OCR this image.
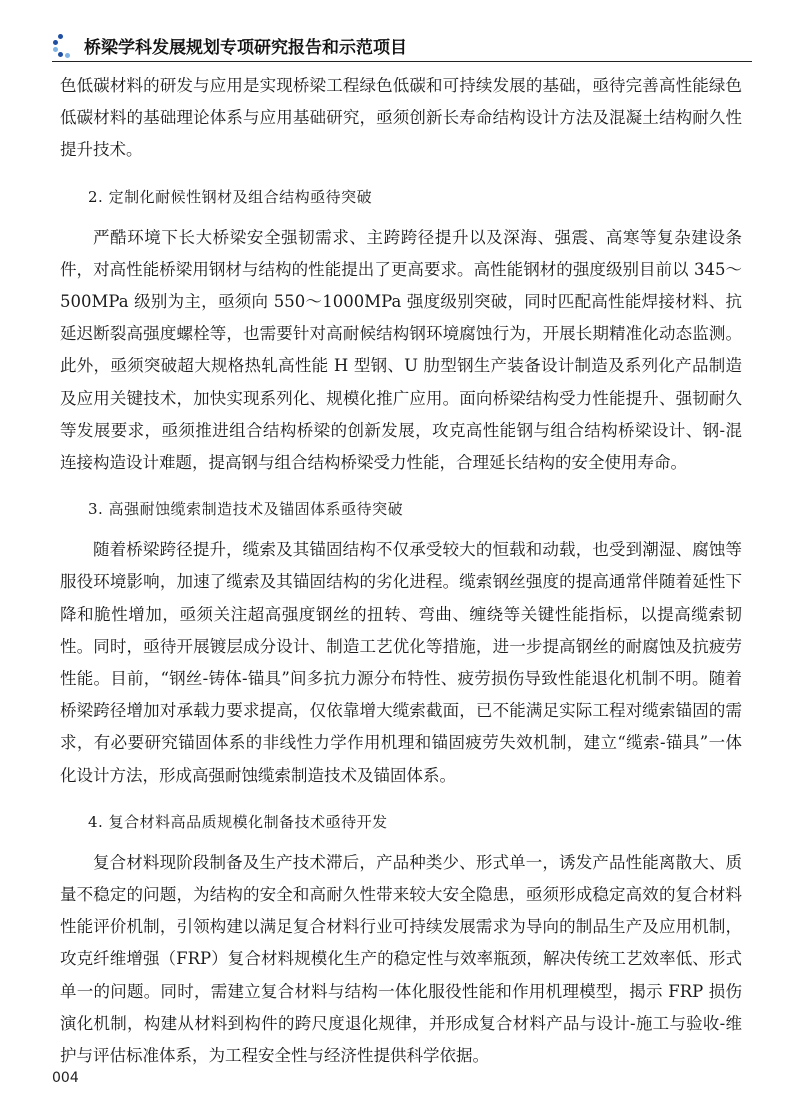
桥梁学科发展规划专项研究报告和示范项目

色低碳材料的研发与应用是实现桥梁工程绿色低碳和可持续发展的基础，亟待完善高性能绿色低碳材料的基础理论体系与应用基础研究，亟须创新长寿命结构设计方法及混凝土结构耐久性提升技术。

2. 定制化耐候性钢材及组合结构亟待突破

严酷环境下长大桥梁安全强韧需求、主跨跨径提升以及深海、强震、高寒等复杂建设条件，对高性能桥梁用钢材与结构的性能提出了更高要求。高性能钢材的强度级别目前以 345～500MPa 级别为主，亟须向 550～1000MPa 强度级别突破，同时匹配高性能焊接材料、抗延迟断裂高强度螺栓等，也需要针对高耐候结构钢环境腐蚀行为，开展长期精准化动态监测。此外，亟须突破超大规格热轧高性能 H 型钢、U 肋型钢生产装备设计制造及系列化产品制造及应用关键技术，加快实现系列化、规模化推广应用。面向桥梁结构受力性能提升、强韧耐久等发展要求，亟须推进组合结构桥梁的创新发展，攻克高性能钢与组合结构桥梁设计、钢-混连接构造设计难题，提高钢与组合结构桥梁受力性能，合理延长结构的安全使用寿命。

3. 高强耐蚀缆索制造技术及锚固体系亟待突破

随着桥梁跨径提升，缆索及其锚固结构不仅承受较大的恒载和动载，也受到潮湿、腐蚀等服役环境影响，加速了缆索及其锚固结构的劣化进程。缆索钢丝强度的提高通常伴随着延性下降和脆性增加，亟须关注超高强度钢丝的扭转、弯曲、缠绕等关键性能指标，以提高缆索韧性。同时，亟待开展镀层成分设计、制造工艺优化等措施，进一步提高钢丝的耐腐蚀及抗疲劳性能。目前，“钢丝-铸体-锚具”间多抗力源分布特性、疲劳损伤导致性能退化机制不明。随着桥梁跨径增加对承载力要求提高，仅依靠增大缆索截面，已不能满足实际工程对缆索锚固的需求，有必要研究锚固体系的非线性力学作用机理和锚固疲劳失效机制，建立“缆索-锚具”一体化设计方法，形成高强耐蚀缆索制造技术及锚固体系。

4. 复合材料高品质规模化制备技术亟待开发

复合材料现阶段制备及生产技术滞后，产品种类少、形式单一，诱发产品性能离散大、质量不稳定的问题，为结构的安全和高耐久性带来较大安全隐患，亟须形成稳定高效的复合材料性能评价机制，引领构建以满足复合材料行业可持续发展需求为导向的制品生产及应用机制，攻克纤维增强（FRP）复合材料规模化生产的稳定性与效率瓶颈，解决传统工艺效率低、形式单一的问题。同时，需建立复合材料与结构一体化服役性能和作用机理模型，揭示 FRP 损伤演化机制，构建从材料到构件的跨尺度退化规律，并形成复合材料产品与设计-施工与验收-维护与评估标准体系，为工程安全性与经济性提供科学依据。

004
